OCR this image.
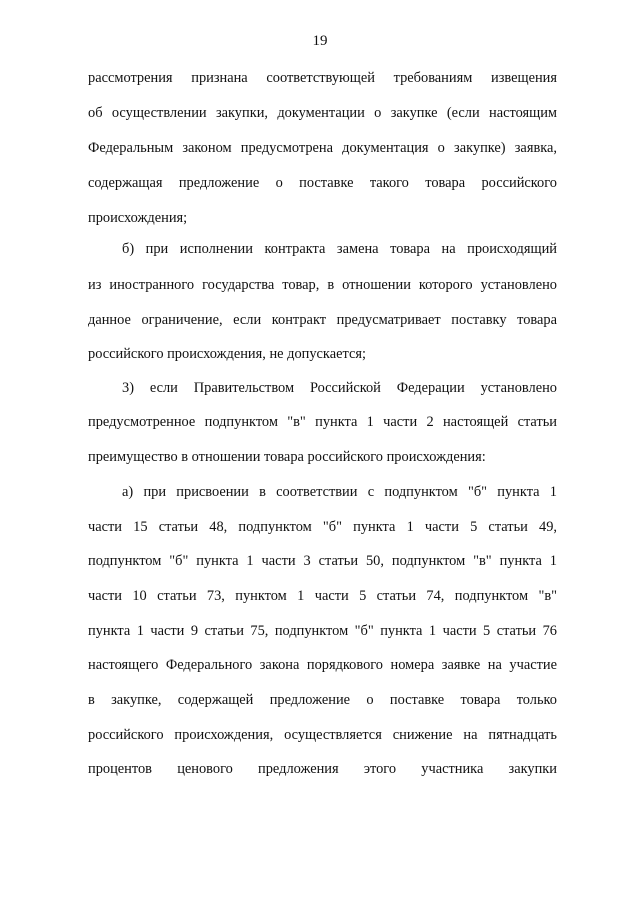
19
рассмотрения признана соответствующей требованиям извещения
об осуществлении закупки, документации о закупке (если настоящим
Федеральным законом предусмотрена документация о закупке) заявка,
содержащая предложение о поставке такого товара российского
происхождения;
б) при исполнении контракта замена товара на происходящий
из иностранного государства товар, в отношении которого установлено
данное ограничение, если контракт предусматривает поставку товара
российского происхождения, не допускается;
3) если Правительством Российской Федерации установлено
предусмотренное подпунктом "в" пункта 1 части 2 настоящей статьи
преимущество в отношении товара российского происхождения:
а) при присвоении в соответствии с подпунктом "б" пункта 1
части 15 статьи 48, подпунктом "б" пункта 1 части 5 статьи 49,
подпунктом "б" пункта 1 части 3 статьи 50, подпунктом "в" пункта 1
части 10 статьи 73, пунктом 1 части 5 статьи 74, подпунктом "в"
пункта 1 части 9 статьи 75, подпунктом "б" пункта 1 части 5 статьи 76
настоящего Федерального закона порядкового номера заявке на участие
в закупке, содержащей предложение о поставке товара только
российского происхождения, осуществляется снижение на пятнадцать
процентов ценового предложения этого участника закупки
